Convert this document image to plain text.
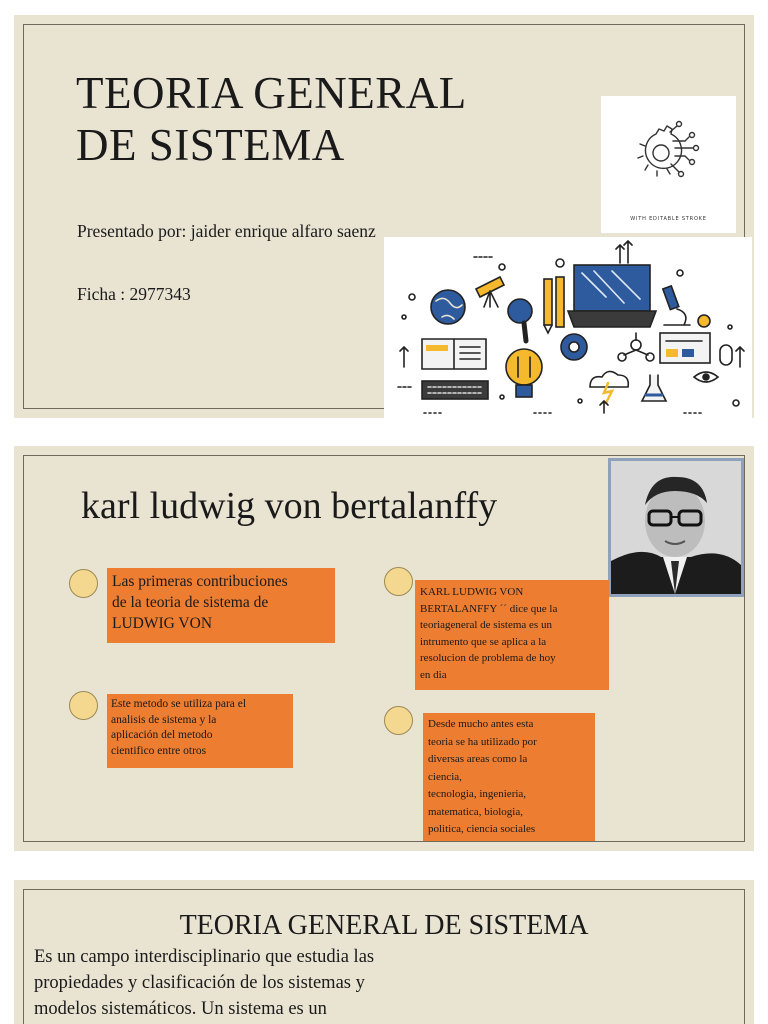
TEORIA GENERAL
DE SISTEMA
Presentado por: jaider enrique alfaro saenz
Ficha : 2977343
WITH EDITABLE STROKE
karl ludwig von bertalanffy
Las primeras contribuciones
de la teoria de sistema de
LUDWIG VON
Este metodo se utiliza para el
analisis de sistema y la
aplicación del metodo
cientifico entre otros
KARL LUDWIG VON
BERTALANFFY ´´ dice que la
teoriageneral de sistema es un
intrumento que se aplica a la
resolucion de problema de hoy
en dia
Desde mucho antes esta
teoria se ha utilizado por
diversas areas como la
ciencia,
tecnologia, ingenieria,
matematica, biologia,
politica, ciencia sociales
TEORIA GENERAL DE SISTEMA
Es un campo interdisciplinario que estudia las
propiedades y clasificación de los sistemas y
modelos sistemáticos. Un sistema es un
